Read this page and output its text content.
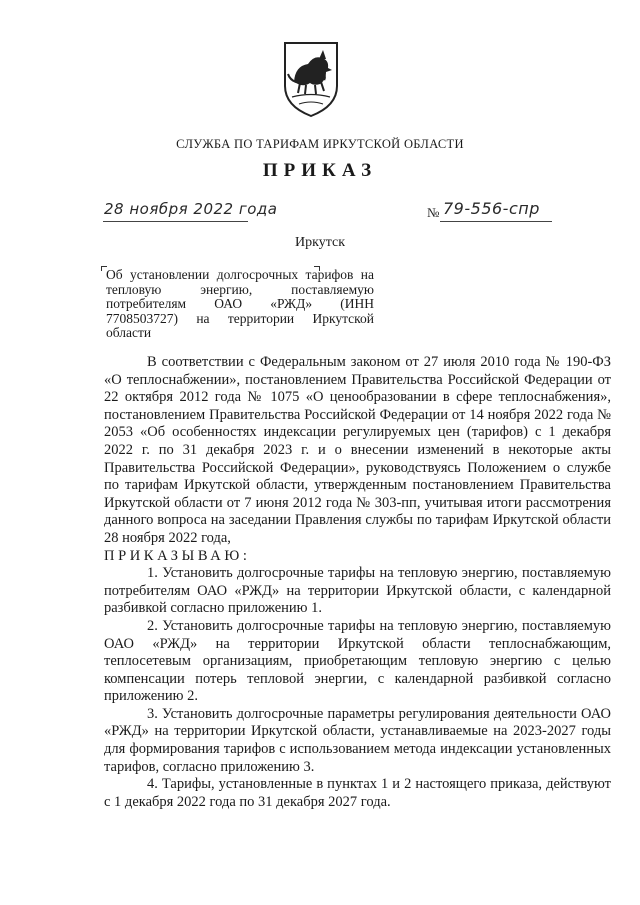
СЛУЖБА ПО ТАРИФАМ ИРКУТСКОЙ ОБЛАСТИ
ПРИКАЗ
28 ноября 2022 года	№ 79-556-спр
Иркутск

Об установлении долгосрочных тарифов на тепловую энергию, поставляемую потребителям ОАО «РЖД» (ИНН 7708503727) на территории Иркутской области

В соответствии с Федеральным законом от 27 июля 2010 года № 190-ФЗ «О теплоснабжении», постановлением Правительства Российской Федерации от 22 октября 2012 года № 1075 «О ценообразовании в сфере теплоснабжения», постановлением Правительства Российской Федерации от 14 ноября 2022 года № 2053 «Об особенностях индексации регулируемых цен (тарифов) с 1 декабря 2022 г. по 31 декабря 2023 г. и о внесении изменений в некоторые акты Правительства Российской Федерации», руководствуясь Положением о службе по тарифам Иркутской области, утвержденным постановлением Правительства Иркутской области от 7 июня 2012 года № 303-пп, учитывая итоги рассмотрения данного вопроса на заседании Правления службы по тарифам Иркутской области 28 ноября 2022 года,

ПРИКАЗЫВАЮ:

1. Установить долгосрочные тарифы на тепловую энергию, поставляемую потребителям ОАО «РЖД» на территории Иркутской области, с календарной разбивкой согласно приложению 1.

2. Установить долгосрочные тарифы на тепловую энергию, поставляемую ОАО «РЖД» на территории Иркутской области теплоснабжающим, теплосетевым организациям, приобретающим тепловую энергию с целью компенсации потерь тепловой энергии, с календарной разбивкой согласно приложению 2.

3. Установить долгосрочные параметры регулирования деятельности ОАО «РЖД» на территории Иркутской области, устанавливаемые на 2023-2027 годы для формирования тарифов с использованием метода индексации установленных тарифов, согласно приложению 3.

4. Тарифы, установленные в пунктах 1 и 2 настоящего приказа, действуют с 1 декабря 2022 года по 31 декабря 2027 года.
